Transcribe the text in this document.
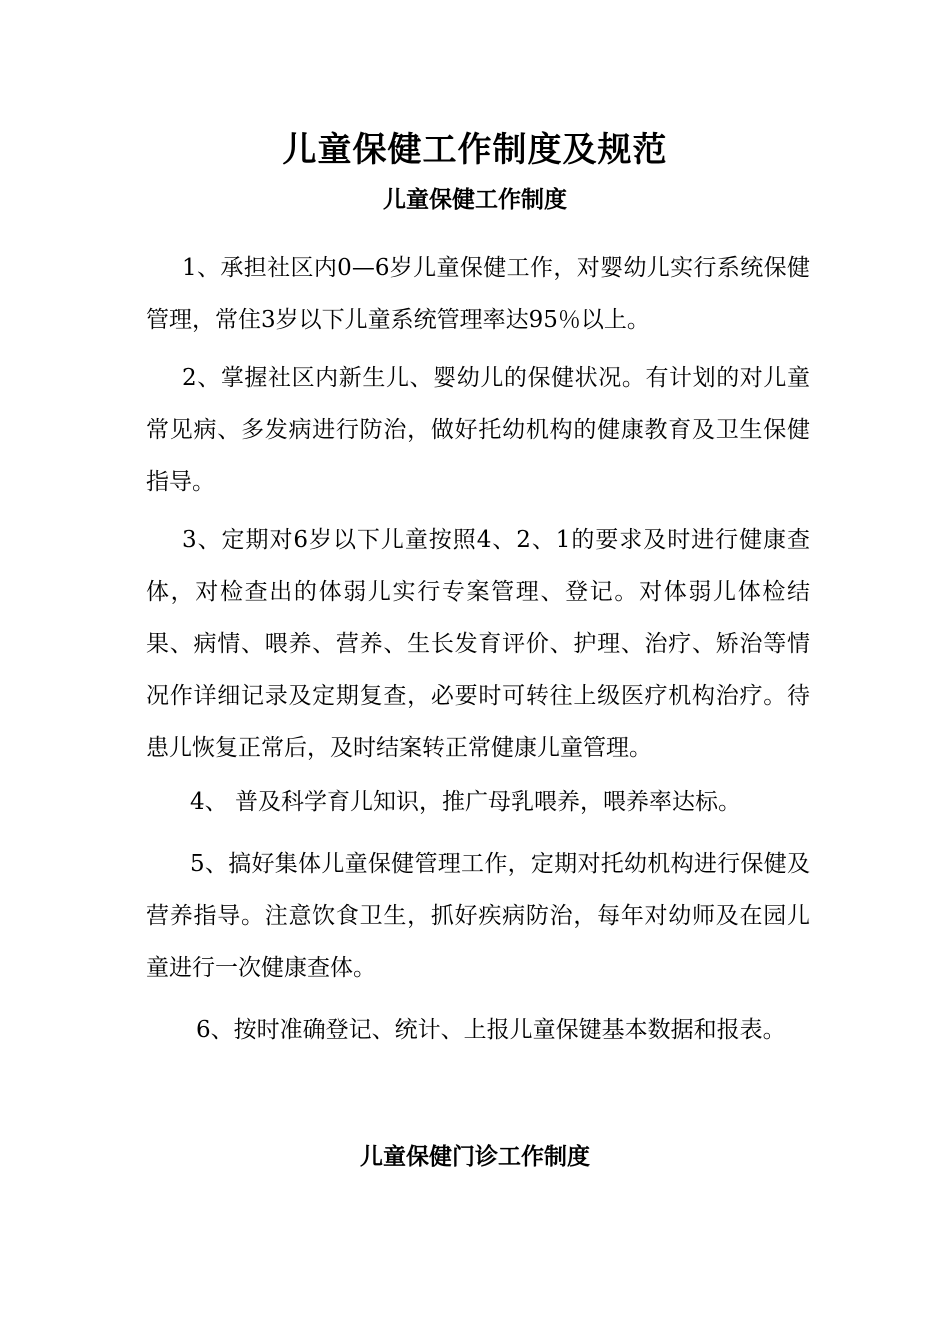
儿童保健工作制度及规范
儿童保健工作制度

1、承担社区内0—6岁儿童保健工作，对婴幼儿实行系统保健管理，常住3岁以下儿童系统管理率达95％以上。

2、掌握社区内新生儿、婴幼儿的保健状况。有计划的对儿童常见病、多发病进行防治，做好托幼机构的健康教育及卫生保健指导。

3、定期对6岁以下儿童按照4、2、1的要求及时进行健康查体，对检查出的体弱儿实行专案管理、登记。对体弱儿体检结果、病情、喂养、营养、生长发育评价、护理、治疗、矫治等情况作详细记录及定期复查，必要时可转往上级医疗机构治疗。待患儿恢复正常后，及时结案转正常健康儿童管理。

4、 普及科学育儿知识，推广母乳喂养，喂养率达标。

5、搞好集体儿童保健管理工作，定期对托幼机构进行保健及营养指导。注意饮食卫生，抓好疾病防治，每年对幼师及在园儿童进行一次健康查体。

6、按时准确登记、统计、上报儿童保键基本数据和报表。

儿童保健门诊工作制度
